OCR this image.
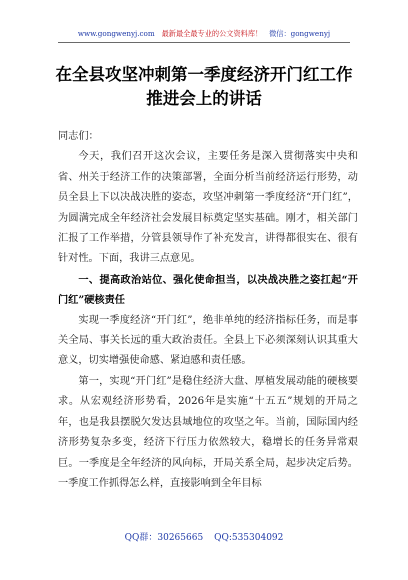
www.gongwenyj.com 最新最全最专业的公文资料库！ 微信：gongwenyj
在全县攻坚冲刺第一季度经济开门红工作
推进会上的讲话

同志们：

今天，我们召开这次会议，主要任务是深入贯彻落实中央和省、州关于经济工作的决策部署，全面分析当前经济运行形势，动员全县上下以决战决胜的姿态，攻坚冲刺第一季度经济“开门红”，为圆满完成全年经济社会发展目标奠定坚实基础。刚才，相关部门汇报了工作举措，分管县领导作了补充发言，讲得都很实在、很有针对性。下面，我讲三点意见。

一、提高政治站位、强化使命担当，以决战决胜之姿扛起“开门红”硬核责任

实现一季度经济“开门红”，绝非单纯的经济指标任务，而是事关全局、事关长远的重大政治责任。全县上下必须深刻认识其重大意义，切实增强使命感、紧迫感和责任感。

第一，实现“开门红”是稳住经济大盘、厚植发展动能的硬核要求。从宏观经济形势看，2026年是实施“十五五”规划的开局之年，也是我县摆脱欠发达县域地位的攻坚之年。当前，国际国内经济形势复杂多变，经济下行压力依然较大，稳增长的任务异常艰巨。一季度是全年经济的风向标，开局关系全局，起步决定后势。一季度工作抓得怎么样，直接影响到全年目标

QQ群：30265665 QQ:535304092
